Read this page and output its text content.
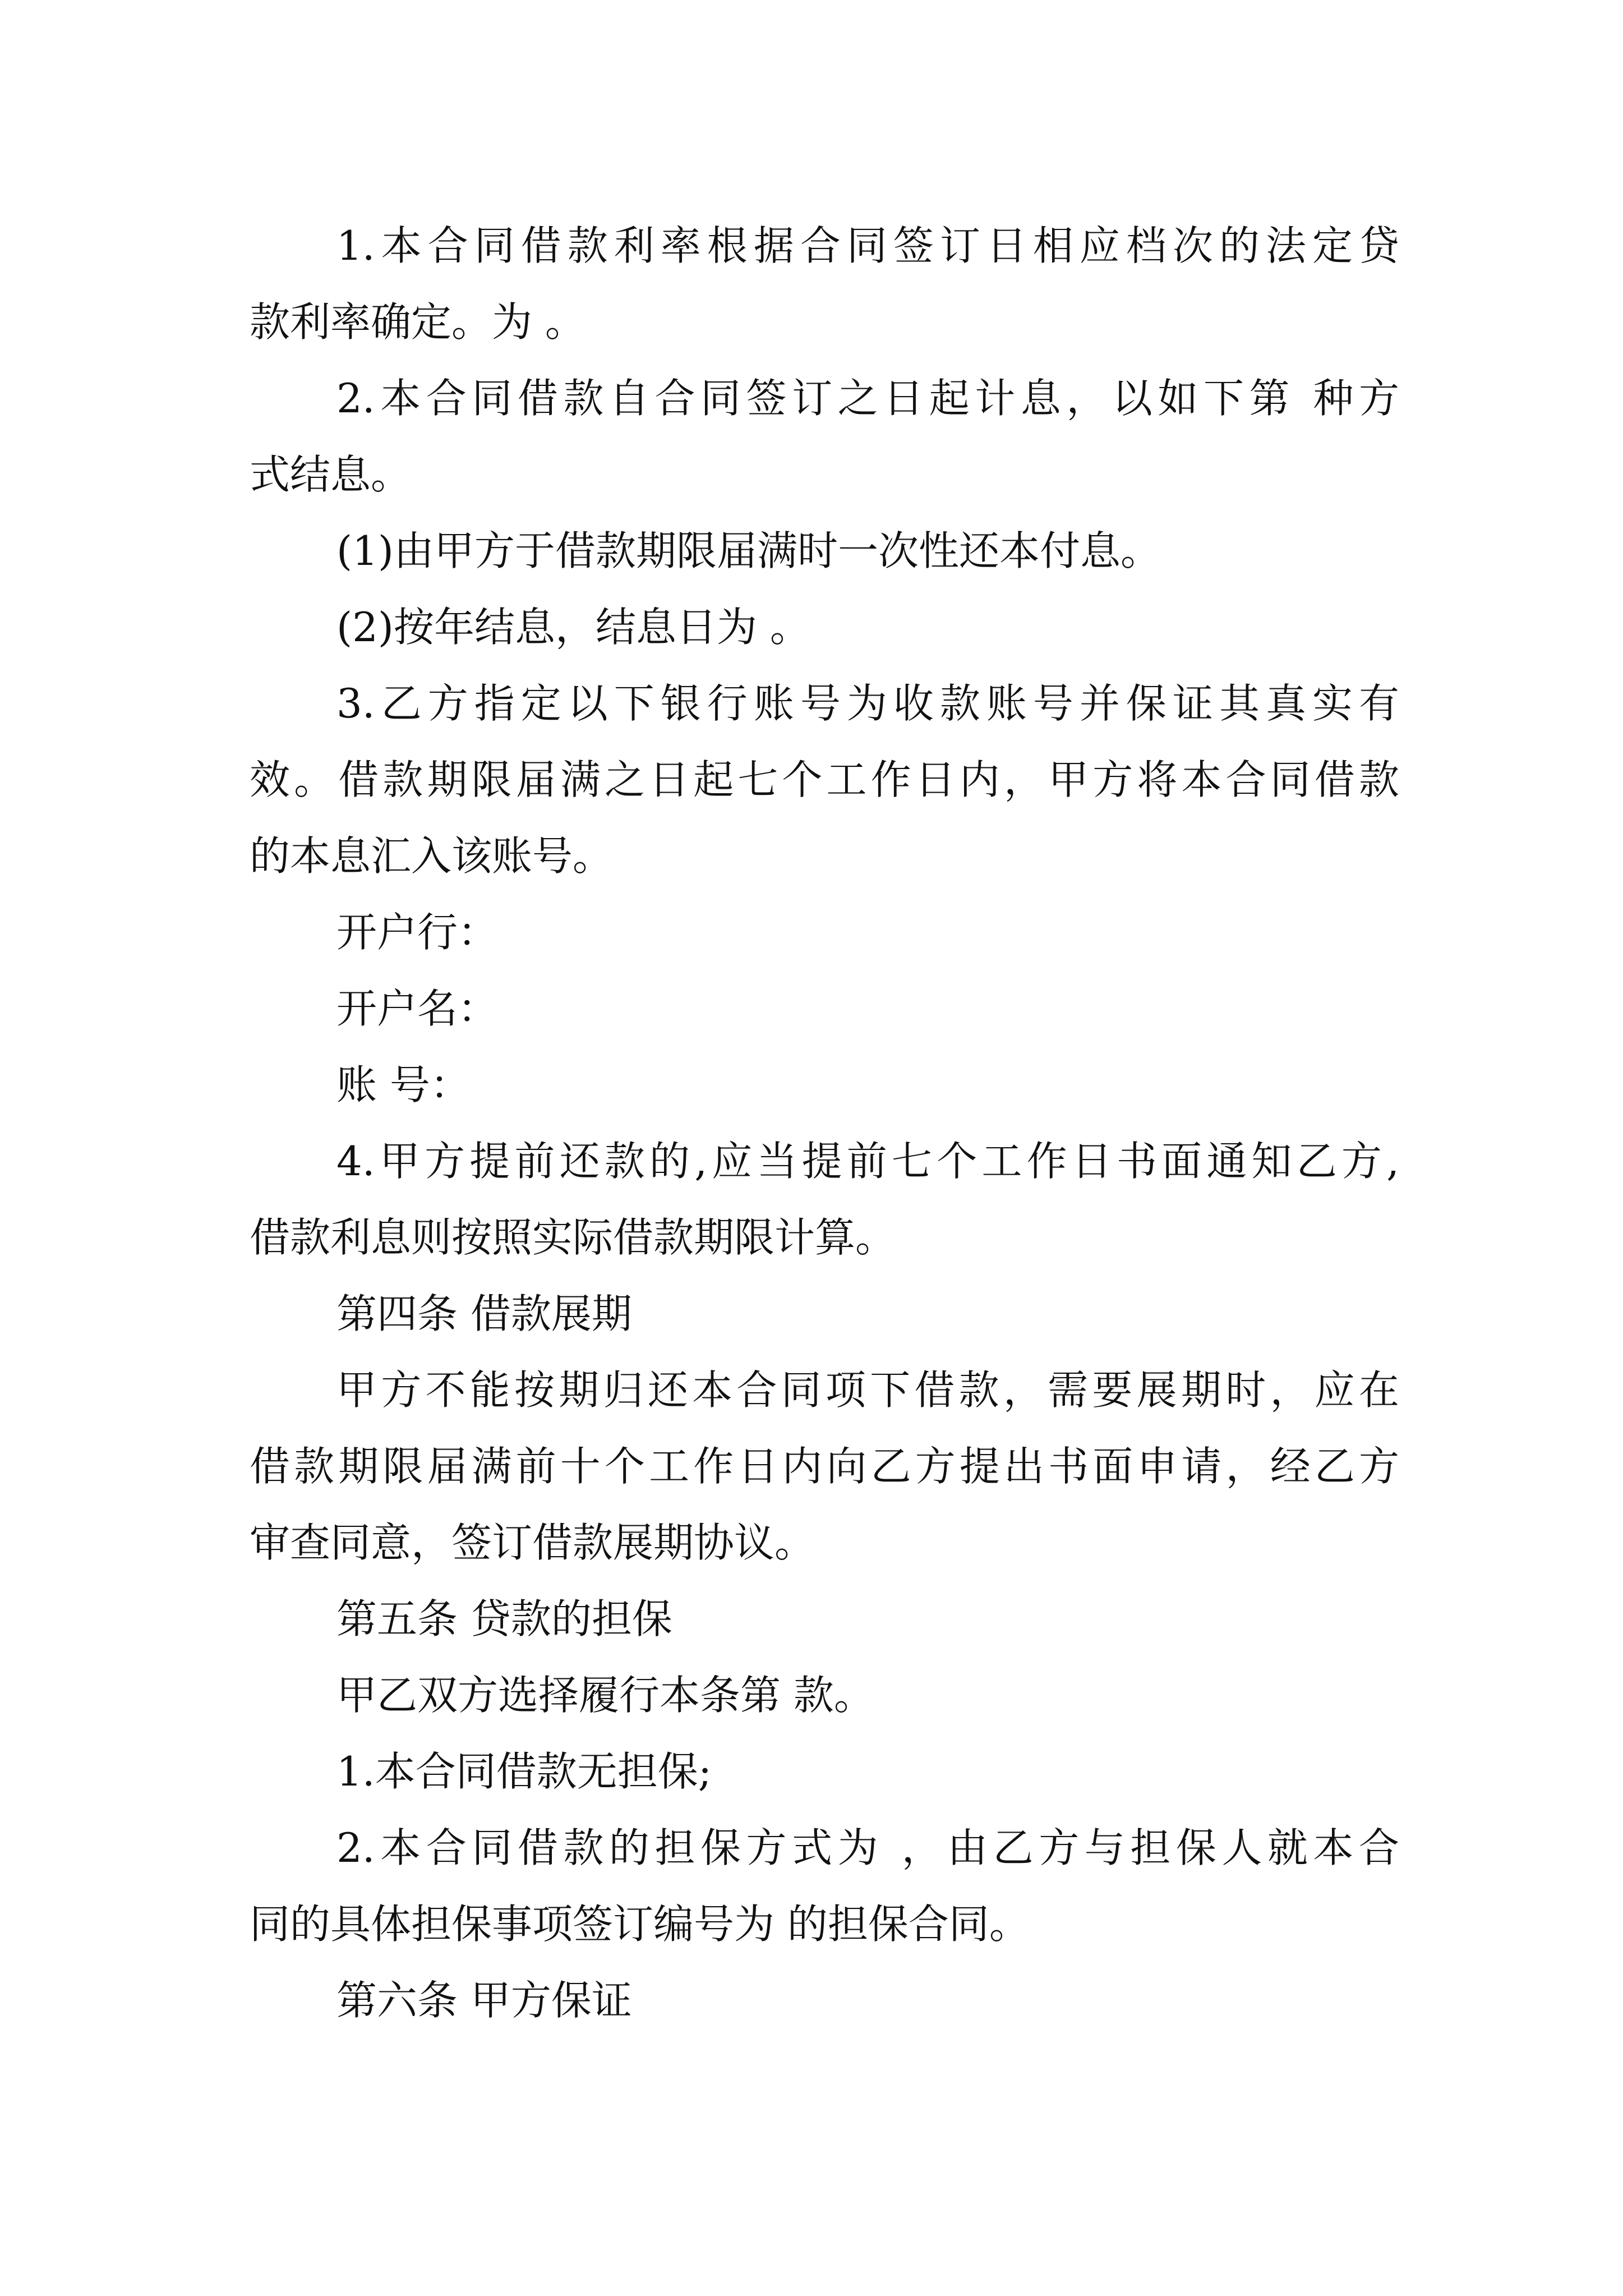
1.本合同借款利率根据合同签订日相应档次的法定贷

款利率确定。为 。

2.本合同借款自合同签订之日起计息，以如下第 种方

式结息。

(1)由甲方于借款期限届满时一次性还本付息。

(2)按年结息，结息日为 。

3.乙方指定以下银行账号为收款账号并保证其真实有

效。借款期限届满之日起七个工作日内，甲方将本合同借款

的本息汇入该账号。

开户行：

开户名：

账 号：

4.甲方提前还款的,应当提前七个工作日书面通知乙方,

借款利息则按照实际借款期限计算。

第四条 借款展期

甲方不能按期归还本合同项下借款，需要展期时，应在

借款期限届满前十个工作日内向乙方提出书面申请，经乙方

审查同意，签订借款展期协议。

第五条 贷款的担保

甲乙双方选择履行本条第 款。

1.本合同借款无担保;

2.本合同借款的担保方式为 ，由乙方与担保人就本合

同的具体担保事项签订编号为 的担保合同。

第六条 甲方保证
